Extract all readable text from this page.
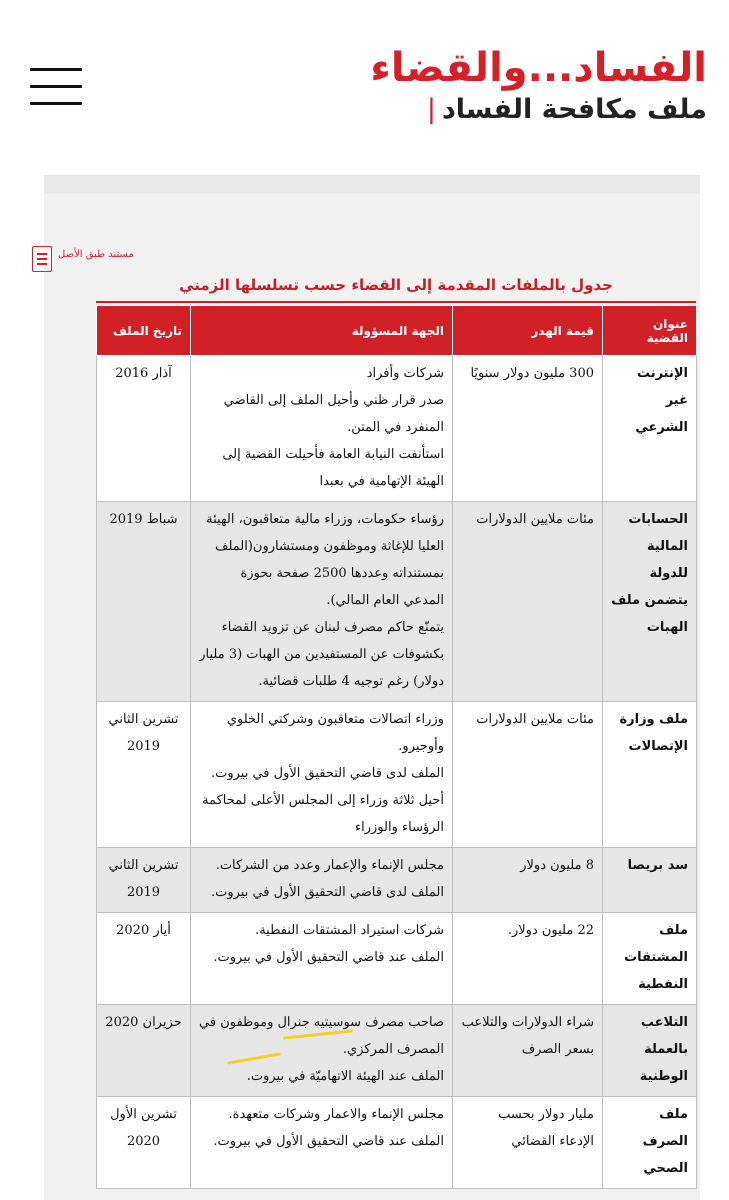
الفساد...والقضاء
ملف مكافحة الفساد|
مستند طبق الأصل
جدول بالملفات المقدمة إلى القضاء حسب تسلسلها الزمني
عنوان القضية	قيمة الهدر	الجهة المسؤولة	تاريخ الملف
الإنترنت غير الشرعي	300 مليون دولار سنويًا	شركات وأفراد
صدر قرار ظني وأحيل الملف إلى القاضي المنفرد في المتن.
استأنفت النيابة العامة فأحيلت القضية إلى الهيئة الإتهامية في بعبدا	آذار 2016
الحسابات المالية للدولة يتضمن ملف الهبات	مئات ملايين الدولارات	رؤساء حكومات، وزراء مالية متعاقبون، الهيئة العليا للإغاثة وموظفون ومستشارون(الملف بمستنداته وعددها 2500 صفحة بحوزة المدعي العام المالي).
يتمنّع حاكم مصرف لبنان عن تزويد القضاء بكشوفات عن المستفيدين من الهبات (3 مليار دولار) رغم توجيه 4 طلبات قضائية.	شباط 2019
ملف وزارة الإتصالات	مئات ملايين الدولارات	وزراء اتصالات متعاقبون وشركتي الخلوي وأوجيرو.
الملف لدى قاضي التحقيق الأول في بيروت.
أحيل ثلاثة وزراء إلى المجلس الأعلى لمحاكمة الرؤساء والوزراء	تشرين الثاني 2019
سد بريصا	8 مليون دولار	مجلس الإنماء والإعمار وعدد من الشركات.
الملف لدى قاضي التحقيق الأول في بيروت.	تشرين الثاني 2019
ملف المشتقات النفطية	22 مليون دولار.	شركات استيراد المشتقات النفطية.
الملف عند قاضي التحقيق الأول في بيروت.	أيار 2020
التلاعب بالعملة الوطنية	شراء الدولارات والتلاعب بسعر الصرف	صاحب مصرف سوسيتيه جنرال وموظفون في المصرف المركزي.
الملف عند الهيئة الاتهاميّة في بيروت.	حزيران 2020
ملف الصرف الصحي	مليار دولار بحسب الإدعاء القضائي	مجلس الإنماء والاعمار وشركات متعهدة.
الملف عند قاضي التحقيق الأول في بيروت.	تشرين الأول 2020
